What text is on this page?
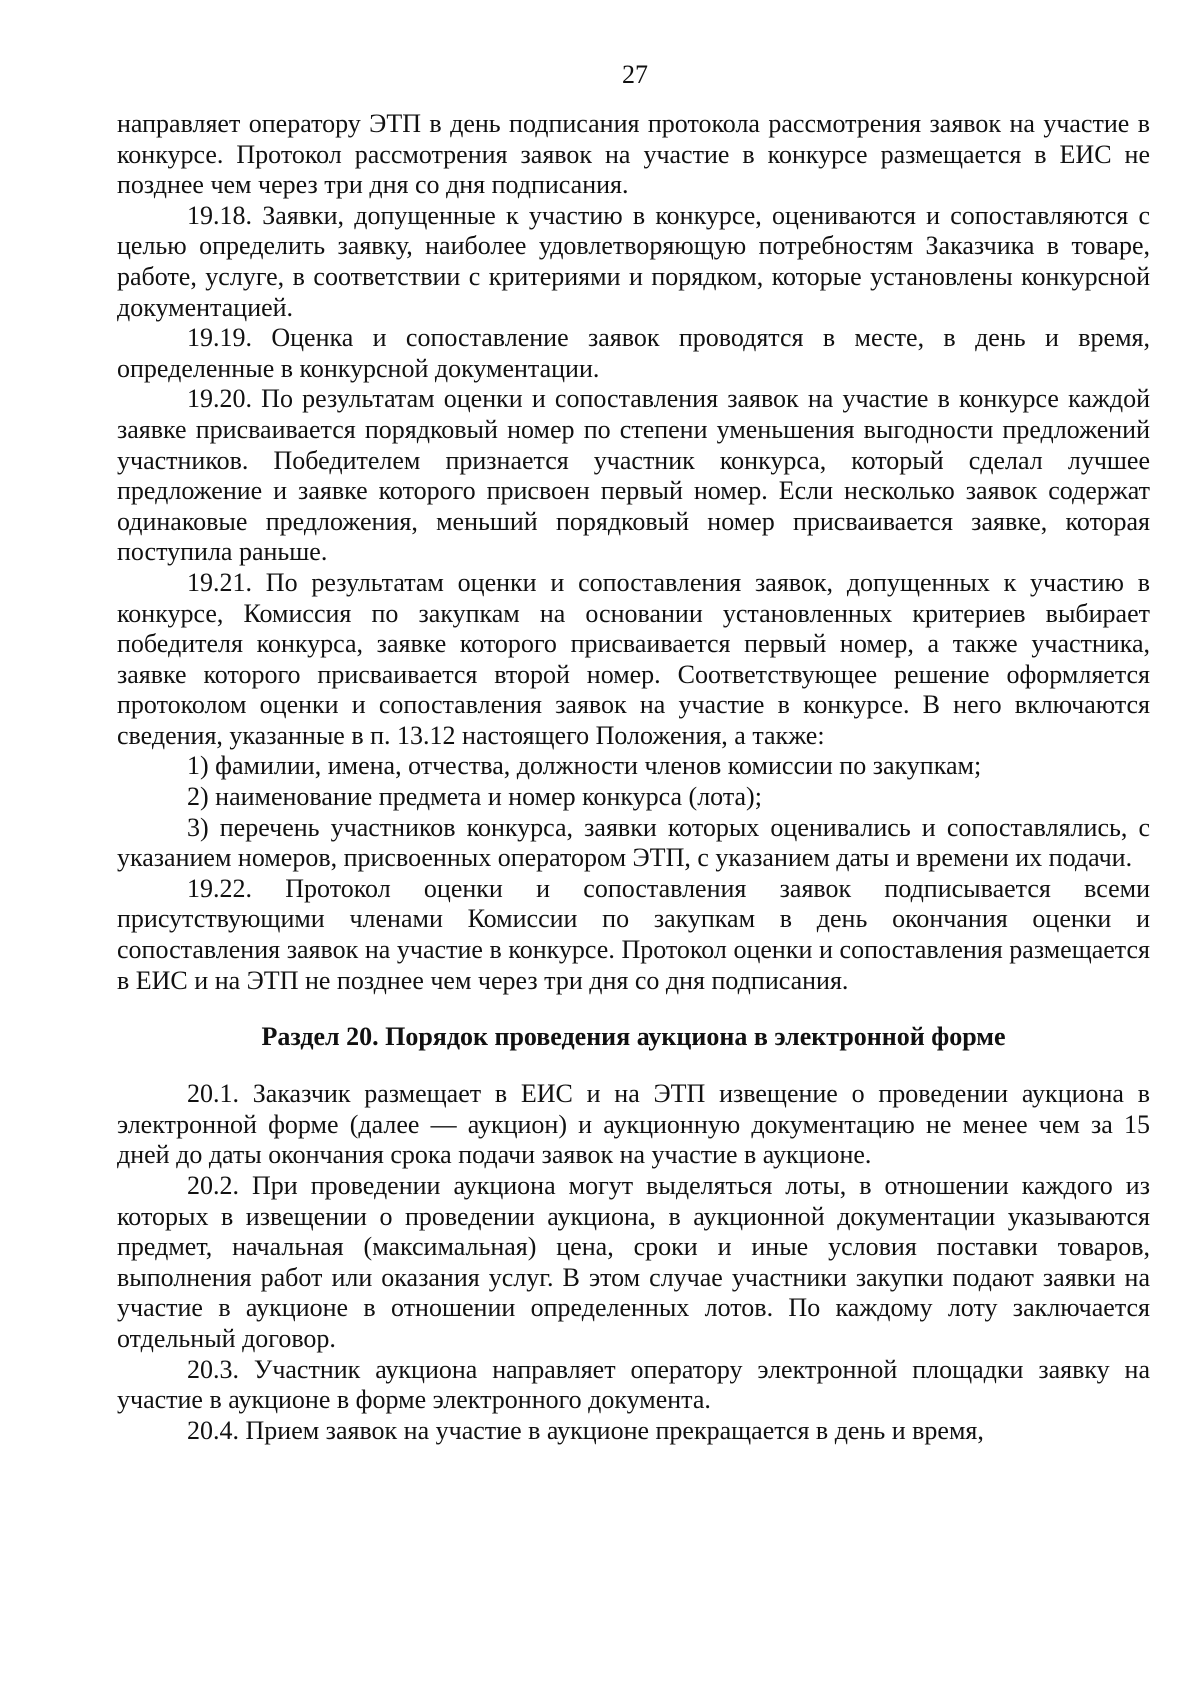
27

направляет оператору ЭТП в день подписания протокола рассмотрения заявок на участие в конкурсе. Протокол рассмотрения заявок на участие в конкурсе размещается в ЕИС не позднее чем через три дня со дня подписания.

19.18. Заявки, допущенные к участию в конкурсе, оцениваются и сопоставляются с целью определить заявку, наиболее удовлетворяющую потребностям Заказчика в товаре, работе, услуге, в соответствии с критериями и порядком, которые установлены конкурсной документацией.

19.19. Оценка и сопоставление заявок проводятся в месте, в день и время, определенные в конкурсной документации.

19.20. По результатам оценки и сопоставления заявок на участие в конкурсе каждой заявке присваивается порядковый номер по степени уменьшения выгодности предложений участников. Победителем признается участник конкурса, который сделал лучшее предложение и заявке которого присвоен первый номер. Если несколько заявок содержат одинаковые предложения, меньший порядковый номер присваивается заявке, которая поступила раньше.

19.21. По результатам оценки и сопоставления заявок, допущенных к участию в конкурсе, Комиссия по закупкам на основании установленных критериев выбирает победителя конкурса, заявке которого присваивается первый номер, а также участника, заявке которого присваивается второй номер. Соответствующее решение оформляется протоколом оценки и сопоставления заявок на участие в конкурсе. В него включаются сведения, указанные в п. 13.12 настоящего Положения, а также:

1) фамилии, имена, отчества, должности членов комиссии по закупкам;

2) наименование предмета и номер конкурса (лота);

3) перечень участников конкурса, заявки которых оценивались и сопоставлялись, с указанием номеров, присвоенных оператором ЭТП, с указанием даты и времени их подачи.

19.22. Протокол оценки и сопоставления заявок подписывается всеми присутствующими членами Комиссии по закупкам в день окончания оценки и сопоставления заявок на участие в конкурсе. Протокол оценки и сопоставления размещается в ЕИС и на ЭТП не позднее чем через три дня со дня подписания.

Раздел 20. Порядок проведения аукциона в электронной форме

20.1. Заказчик размещает в ЕИС и на ЭТП извещение о проведении аукциона в электронной форме (далее — аукцион) и аукционную документацию не менее чем за 15 дней до даты окончания срока подачи заявок на участие в аукционе.

20.2. При проведении аукциона могут выделяться лоты, в отношении каждого из которых в извещении о проведении аукциона, в аукционной документации указываются предмет, начальная (максимальная) цена, сроки и иные условия поставки товаров, выполнения работ или оказания услуг. В этом случае участники закупки подают заявки на участие в аукционе в отношении определенных лотов. По каждому лоту заключается отдельный договор.

20.3. Участник аукциона направляет оператору электронной площадки заявку на участие в аукционе в форме электронного документа.

20.4. Прием заявок на участие в аукционе прекращается в день и время,
